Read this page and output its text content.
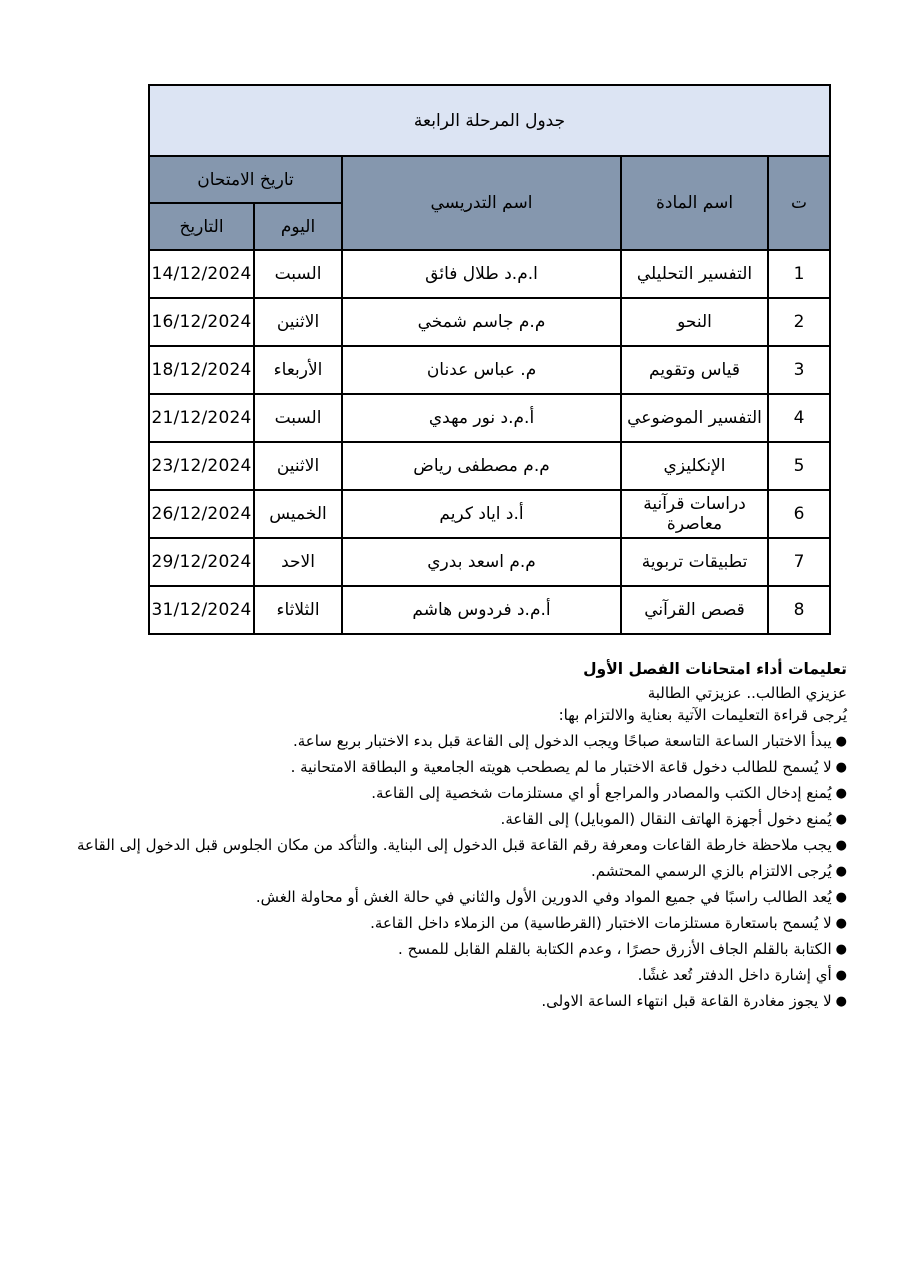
جدول المرحلة الرابعة				
ت	اسم المادة	اسم التدريسي	تاريخ الامتحان	
			اليوم	التاريخ
1	التفسير التحليلي	ا.م.د طلال فائق	السبت	14/12/2024
2	النحو	م.م جاسم شمخي	الاثنين	16/12/2024
3	قياس وتقويم	م. عباس عدنان	الأربعاء	18/12/2024
4	التفسير الموضوعي	أ.م.د نور مهدي	السبت	21/12/2024
5	الإنكليزي	م.م مصطفى رياض	الاثنين	23/12/2024
6	دراسات قرآنية معاصرة	أ.د اياد كريم	الخميس	26/12/2024
7	تطبيقات تربوية	م.م اسعد بدري	الاحد	29/12/2024
8	قصص القرآني	أ.م.د فردوس هاشم	الثلاثاء	31/12/2024
تعليمات أداء امتحانات الفصل الأول
عزيزي الطالب.. عزيزتي الطالبة
يُرجى قراءة التعليمات الآتية بعناية والالتزام بها:
●يبدأ الاختبار الساعة التاسعة صباحًا ويجب الدخول إلى القاعة قبل بدء الاختبار بربع ساعة.
●لا يُسمح للطالب دخول قاعة الاختبار ما لم يصطحب هويته الجامعية و البطاقة الامتحانية .
●يُمنع إدخال الكتب والمصادر والمراجع أو اي مستلزمات شخصية إلى القاعة.
●يُمنع دخول أجهزة الهاتف النقال (الموبايل) إلى القاعة.
●يجب ملاحظة خارطة القاعات ومعرفة رقم القاعة قبل الدخول إلى البناية. والتأكد من مكان الجلوس قبل الدخول إلى القاعة
●يُرجى الالتزام بالزي الرسمي المحتشم.
●يُعد الطالب راسبًا في جميع المواد وفي الدورين الأول والثاني في حالة الغش أو محاولة الغش.
●لا يُسمح باستعارة مستلزمات الاختبار (القرطاسية) من الزملاء داخل القاعة.
●الكتابة بالقلم الجاف الأزرق حصرًا ، وعدم الكتابة بالقلم القابل للمسح .
●أي إشارة داخل الدفتر تُعد غشًا.
●لا يجوز مغادرة القاعة قبل انتهاء الساعة الاولى.
